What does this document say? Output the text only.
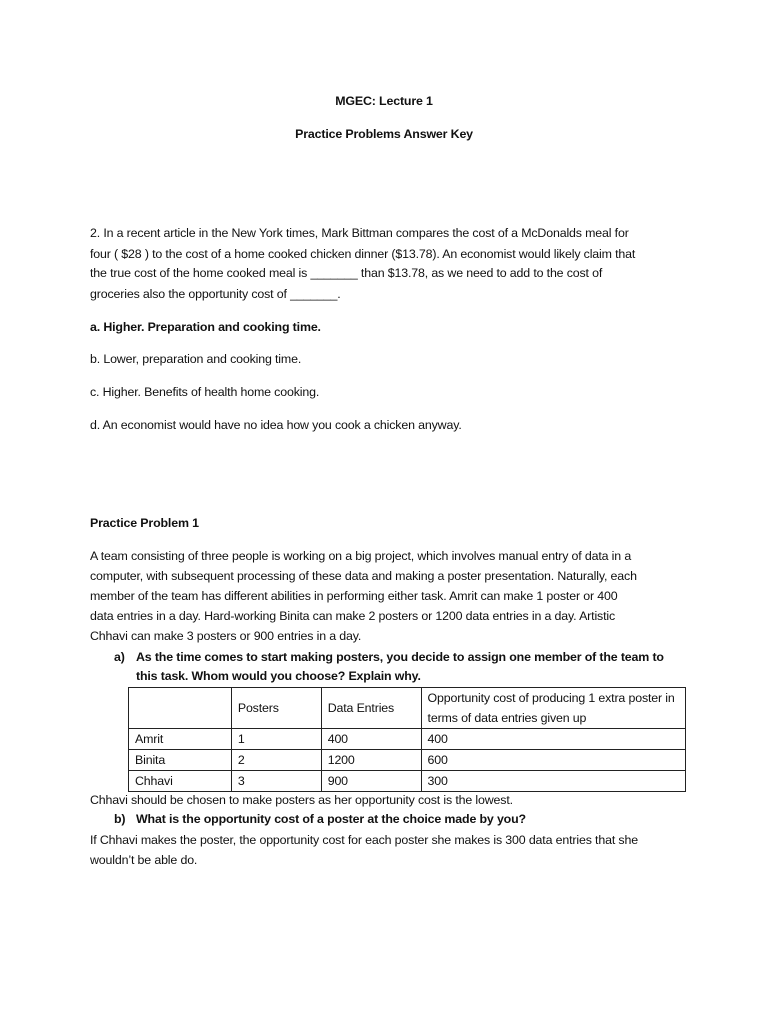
MGEC: Lecture 1
Practice Problems Answer Key
2. In a recent article in the New York times, Mark Bittman compares the cost of a McDonalds meal for
four ( $28 ) to the cost of a home cooked chicken dinner ($13.78). An economist would likely claim that
the true cost of the home cooked meal is _______ than $13.78, as we need to add to the cost of
groceries also the opportunity cost of _______.
a. Higher. Preparation and cooking time.
b. Lower, preparation and cooking time.
c. Higher. Benefits of health home cooking.
d. An economist would have no idea how you cook a chicken anyway.
Practice Problem 1
A team consisting of three people is working on a big project, which involves manual entry of data in a
computer, with subsequent processing of these data and making a poster presentation. Naturally, each
member of the team has different abilities in performing either task. Amrit can make 1 poster or 400
data entries in a day. Hard-working Binita can make 2 posters or 1200 data entries in a day. Artistic
Chhavi can make 3 posters or 900 entries in a day.
a) As the time comes to start making posters, you decide to assign one member of the team to
this task. Whom would you choose? Explain why.
	Posters	Data Entries	Opportunity cost of producing 1 extra poster in terms of data entries given up
Amrit	1	400	400
Binita	2	1200	600
Chhavi	3	900	300
Chhavi should be chosen to make posters as her opportunity cost is the lowest.
b) What is the opportunity cost of a poster at the choice made by you?
If Chhavi makes the poster, the opportunity cost for each poster she makes is 300 data entries that she
wouldn’t be able do.
